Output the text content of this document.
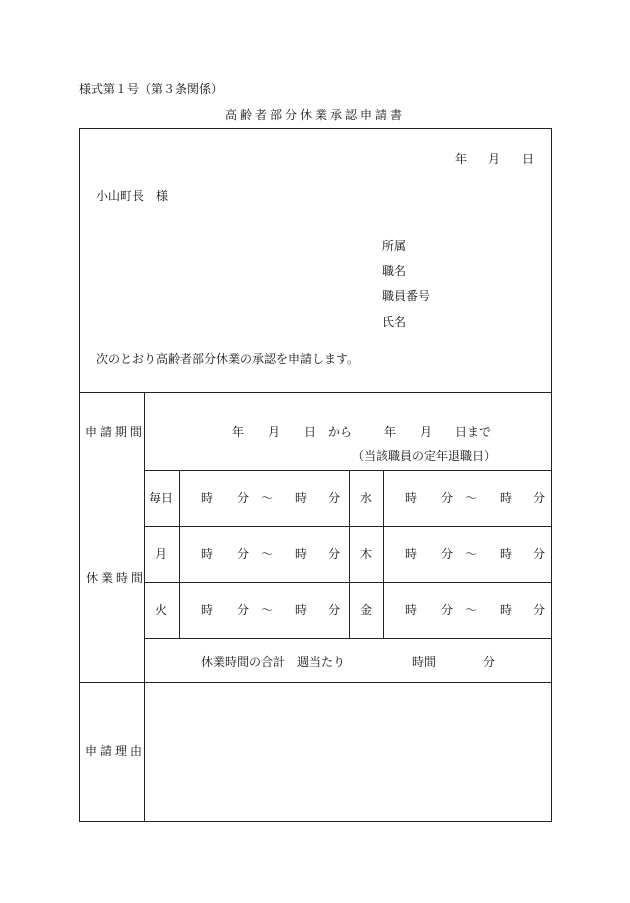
様式第１号（第３条関係）
高齢者部分休業承認申請書
年 月 日
小山町長　様
所属
職名
職員番号
氏名
次のとおり高齢者部分休業の承認を申請します。
申請期間	年 月 日　から	年 月 日まで
（当該職員の定年退職日）
休業時間
毎日 時 分 ～ 時 分 水	時 分 ～ 時 分
月	時 分 ～ 時 分 木	時 分 ～ 時 分
火	時 分 ～ 時 分 金	時 分 ～ 時 分
休業時間の合計　週当たり	時間	分
申請理由
